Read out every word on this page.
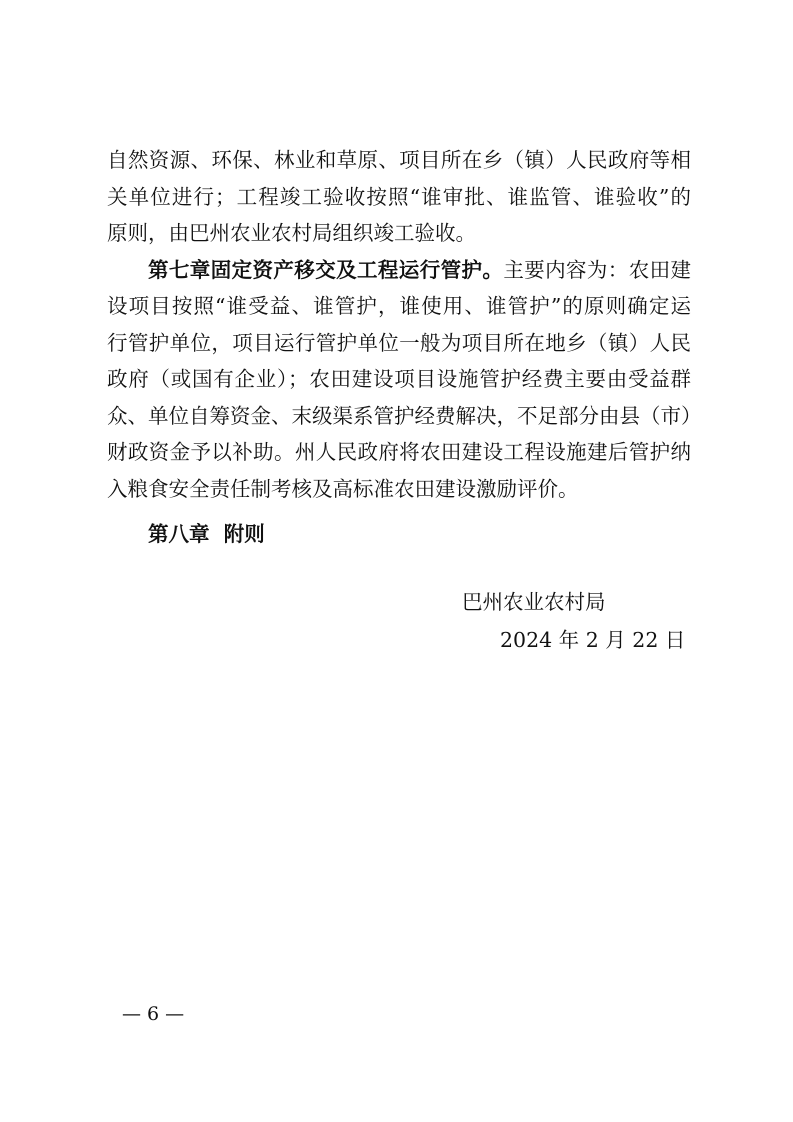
自然资源、环保、林业和草原、项目所在乡（镇）人民政府等相
关单位进行；工程竣工验收按照“谁审批、谁监管、谁验收”的
原则，由巴州农业农村局组织竣工验收。
第七章固定资产移交及工程运行管护。主要内容为：农田建
设项目按照“谁受益、谁管护，谁使用、谁管护”的原则确定运
行管护单位，项目运行管护单位一般为项目所在地乡（镇）人民
政府（或国有企业）；农田建设项目设施管护经费主要由受益群
众、单位自筹资金、末级渠系管护经费解决，不足部分由县（市）
财政资金予以补助。州人民政府将农田建设工程设施建后管护纳
入粮食安全责任制考核及高标准农田建设激励评价。
第八章  附则
巴州农业农村局
2024 年 2 月 22 日
— 6 —
